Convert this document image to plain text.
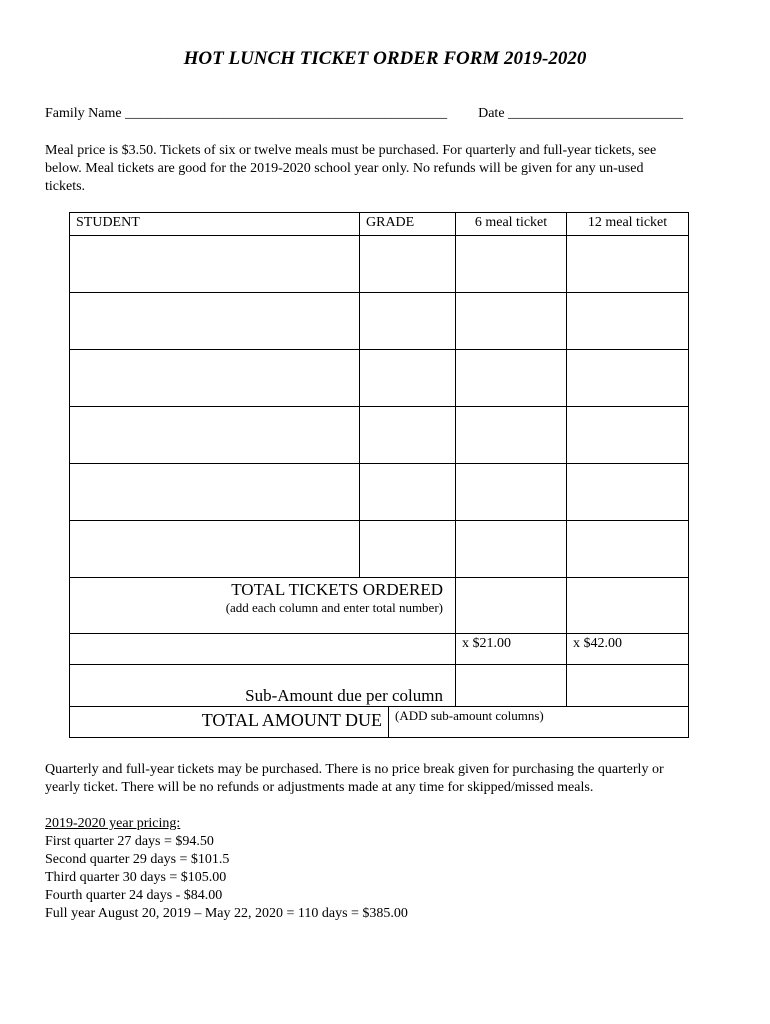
HOT LUNCH TICKET ORDER FORM 2019-2020
Family Name ______________________________________________ Date _________________________
Meal price is $3.50. Tickets of six or twelve meals must be purchased. For quarterly and full-year tickets, see
below. Meal tickets are good for the 2019-2020 school year only. No refunds will be given for any un-used
tickets.
STUDENT	GRADE	6 meal ticket	12 meal ticket

TOTAL TICKETS ORDERED
(add each column and enter total number)			

		x $21.00	x $42.00
Sub-Amount due per column			

TOTAL AMOUNT DUE (ADD sub-amount columns)			
Quarterly and full-year tickets may be purchased. There is no price break given for purchasing the quarterly or
yearly ticket. There will be no refunds or adjustments made at any time for skipped/missed meals.
2019-2020 year pricing:
First quarter 27 days = $94.50
Second quarter 29 days = $101.5
Third quarter 30 days = $105.00
Fourth quarter 24 days - $84.00
Full year August 20, 2019 – May 22, 2020 = 110 days = $385.00
